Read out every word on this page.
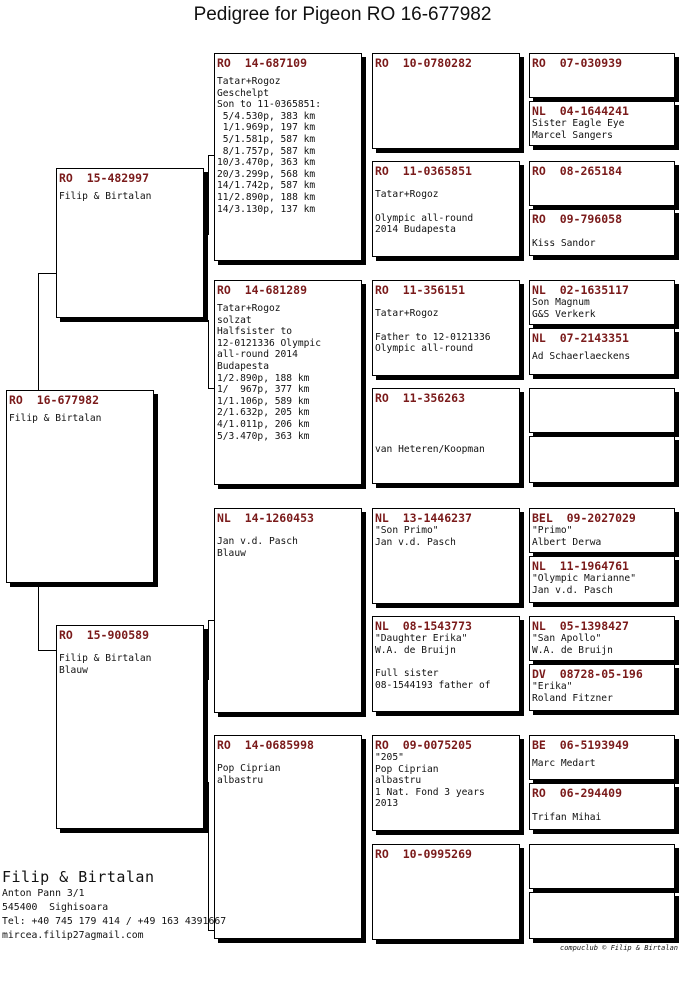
Pedigree for Pigeon RO 16-677982
RO  16-677982
Filip & Birtalan
RO  15-482997
Filip & Birtalan
RO  15-900589
Filip & Birtalan
Blauw
RO  14-687109
Tatar+Rogoz
Geschelpt
Son to 11-0365851:
5/4.530p, 383 km
1/1.969p, 197 km
5/1.581p, 587 km
8/1.757p, 587 km
10/3.470p, 363 km
20/3.299p, 568 km
14/1.742p, 587 km
11/2.890p, 188 km
14/3.130p, 137 km
RO  14-681289
Tatar+Rogoz
solzat
Halfsister to
12-0121336 Olympic
all-round 2014
Budapesta
1/2.890p, 188 km
1/  967p, 377 km
1/1.106p, 589 km
2/1.632p, 205 km
4/1.011p, 206 km
5/3.470p, 363 km
NL  14-1260453
Jan v.d. Pasch
Blauw
RO  14-0685998
Pop Ciprian
albastru
RO  10-0780282
RO  11-0365851
Tatar+Rogoz
Olympic all-round
2014 Budapesta
RO  11-356151
Tatar+Rogoz
Father to 12-0121336
Olympic all-round
RO  11-356263
van Heteren/Koopman
NL  13-1446237
"Son Primo"
Jan v.d. Pasch
NL  08-1543773
"Daughter Erika"
W.A. de Bruijn
Full sister
08-1544193 father of
RO  09-0075205
"205"
Pop Ciprian
albastru
1 Nat. Fond 3 years
2013
RO  10-0995269
RO  07-030939
NL  04-1644241
Sister Eagle Eye
Marcel Sangers
RO  08-265184
RO  09-796058
Kiss Sandor
NL  02-1635117
Son Magnum
G&S Verkerk
NL  07-2143351
Ad Schaerlaeckens
BEL  09-2027029
"Primo"
Albert Derwa
NL  11-1964761
"Olympic Marianne"
Jan v.d. Pasch
NL  05-1398427
"San Apollo"
W.A. de Bruijn
DV  08728-05-196
"Erika"
Roland Fitzner
BE  06-5193949
Marc Medart
RO  06-294409
Trifan Mihai
Filip & Birtalan
Anton Pann 3/1
545400  Sighisoara
Tel: +40 745 179 414 / +49 163 4391667
mircea.filip27agmail.com
compuclub © Filip & Birtalan
